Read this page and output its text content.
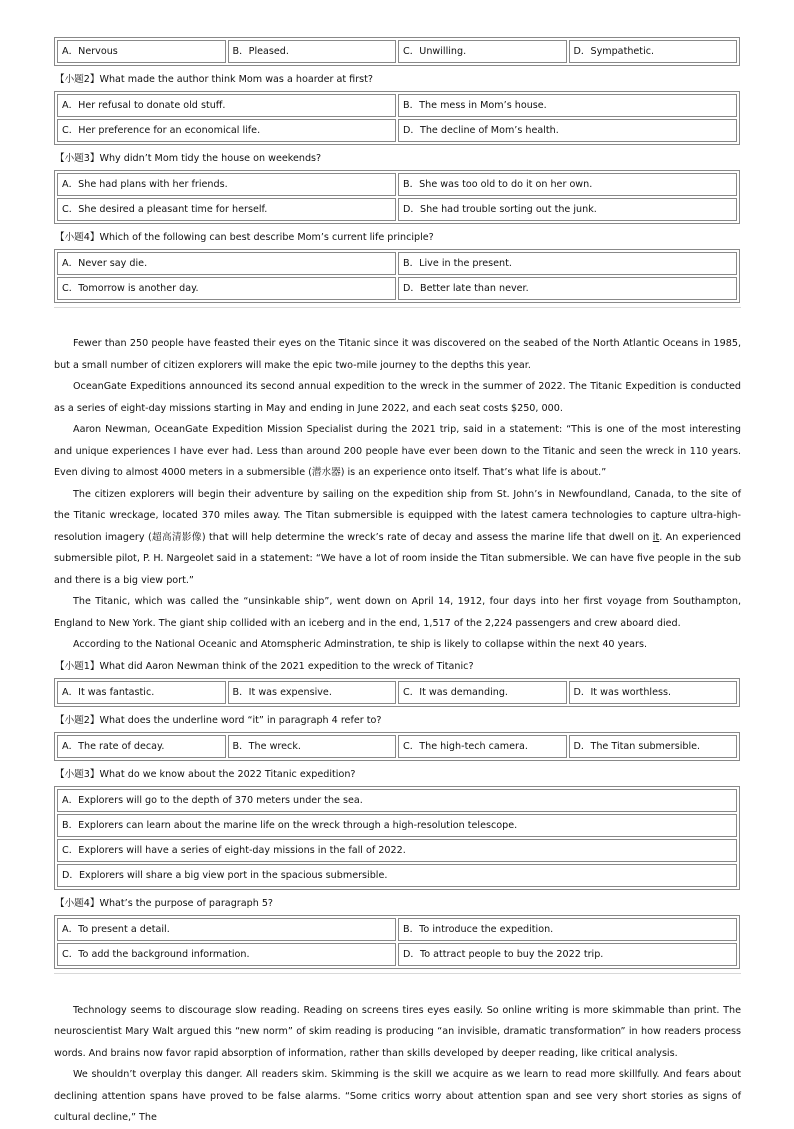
A．Nervous	B．Pleased.	C．Unwilling.	D．Sympathetic.
【小题2】What made the author think Mom was a hoarder at first?
A．Her refusal to donate old stuff.	B．The mess in Mom’s house.
C．Her preference for an economical life.	D．The decline of Mom’s health.
【小题3】Why didn’t Mom tidy the house on weekends?
A．She had plans with her friends.	B．She was too old to do it on her own.
C．She desired a pleasant time for herself.	D．She had trouble sorting out the junk.
【小题4】Which of the following can best describe Mom’s current life principle?
A．Never say die.	B．Live in the present.
C．Tomorrow is another day.	D．Better late than never.

Fewer than 250 people have feasted their eyes on the Titanic since it was discovered on the seabed of the North Atlantic Oceans in 1985, but a small number of citizen explorers will make the epic two-mile journey to the depths this year.

OceanGate Expeditions announced its second annual expedition to the wreck in the summer of 2022. The Titanic Expedition is conducted as a series of eight-day missions starting in May and ending in June 2022, and each seat costs $250, 000.

Aaron Newman, OceanGate Expedition Mission Specialist during the 2021 trip, said in a statement: “This is one of the most interesting and unique experiences I have ever had. Less than around 200 people have ever been down to the Titanic and seen the wreck in 110 years. Even diving to almost 4000 meters in a submersible (潜水器) is an experience onto itself. That’s what life is about.”

The citizen explorers will begin their adventure by sailing on the expedition ship from St. John’s in Newfoundland, Canada, to the site of the Titanic wreckage, located 370 miles away. The Titan submersible is equipped with the latest camera technologies to capture ultra-high-resolution imagery (超高清影像) that will help determine the wreck’s rate of decay and assess the marine life that dwell on it. An experienced submersible pilot, P. H. Nargeolet said in a statement: “We have a lot of room inside the Titan submersible. We can have five people in the sub and there is a big view port.”

The Titanic, which was called the “unsinkable ship”, went down on April 14, 1912, four days into her first voyage from Southampton, England to New York. The giant ship collided with an iceberg and in the end, 1,517 of the 2,224 passengers and crew aboard died.

According to the National Oceanic and Atomspheric Adminstration, te ship is likely to collapse within the next 40 years.

【小题1】What did Aaron Newman think of the 2021 expedition to the wreck of Titanic?
A．It was fantastic.	B．It was expensive.	C．It was demanding.	D．It was worthless.
【小题2】What does the underline word “it” in paragraph 4 refer to?
A．The rate of decay.	B．The wreck.	C．The high-tech camera.	D．The Titan submersible.
【小题3】What do we know about the 2022 Titanic expedition?
A．Explorers will go to the depth of 370 meters under the sea.
B．Explorers can learn about the marine life on the wreck through a high-resolution telescope.
C．Explorers will have a series of eight-day missions in the fall of 2022.
D．Explorers will share a big view port in the spacious submersible.
【小题4】What’s the purpose of paragraph 5?
A．To present a detail.	B．To introduce the expedition.
C．To add the background information.	D．To attract people to buy the 2022 trip.

Technology seems to discourage slow reading. Reading on screens tires eyes easily. So online writing is more skimmable than print. The neuroscientist Mary Walt argued this “new norm” of skim reading is producing “an invisible, dramatic transformation” in how readers process words. And brains now favor rapid absorption of information, rather than skills developed by deeper reading, like critical analysis.

We shouldn’t overplay this danger. All readers skim. Skimming is the skill we acquire as we learn to read more skillfully. And fears about declining attention spans have proved to be false alarms. “Some critics worry about attention span and see very short stories as signs of cultural decline,” The
